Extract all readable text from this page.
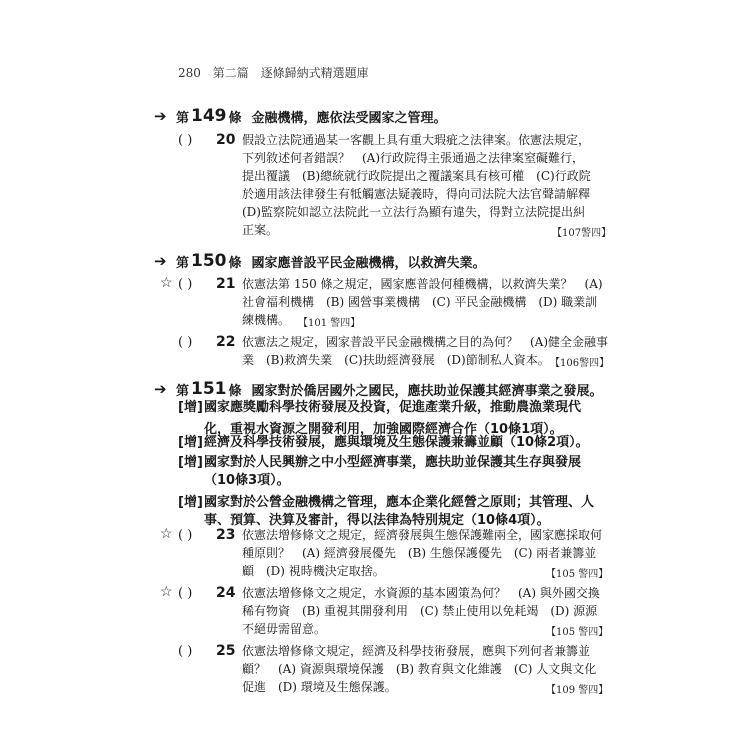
280 第二篇 逐條歸納式精選題庫
➔ 第 149 條 金融機構，應依法受國家之管理。
( ) 20 假設立法院通過某一客觀上具有重大瑕疵之法律案。依憲法規定，
下列敘述何者錯誤？　(A)行政院得主張通過之法律案窒礙難行，
提出覆議　(B)總統就行政院提出之覆議案具有核可權　(C)行政院
於適用該法律發生有牴觸憲法疑義時，得向司法院大法官聲請解釋
(D)監察院如認立法院此一立法行為顯有違失，得對立法院提出糾
正案。	【107警四】
➔ 第 150 條 國家應普設平民金融機構，以救濟失業。
☆ ( ) 21 依憲法第 150 條之規定，國家應普設何種機構，以救濟失業？　(A)
社會福利機構　(B) 國營事業機構　(C) 平民金融機構　(D) 職業訓
練機構。 【101 警四】
( ) 22 依憲法之規定，國家普設平民金融機構之目的為何？　(A)健全金融事
業　(B)救濟失業　(C)扶助經濟發展　(D)節制私人資本。 【106警四】
➔ 第 151 條 國家對於僑居國外之國民，應扶助並保護其經濟事業之發展。
[增] 國家應獎勵科學技術發展及投資，促進產業升級，推動農漁業現代
化，重視水資源之開發利用，加強國際經濟合作（10條1項）。
[增] 經濟及科學技術發展，應與環境及生態保護兼籌並顧（10條2項）。
[增] 國家對於人民興辦之中小型經濟事業，應扶助並保護其生存與發展
（10條3項）。
[增] 國家對於公營金融機構之管理，應本企業化經營之原則；其管理、人
事、預算、決算及審計，得以法律為特別規定（10條4項）。
☆ ( ) 23 依憲法增修條文之規定，經濟發展與生態保護難兩全，國家應採取何
種原則？　(A) 經濟發展優先　(B) 生態保護優先　(C) 兩者兼籌並
顧　(D) 視時機決定取捨。	【105 警四】
☆ ( ) 24 依憲法增修條文之規定，水資源的基本國策為何？　(A) 與外國交換
稀有物資　(B) 重視其開發利用　(C) 禁止使用以免耗竭　(D) 源源
不絕毋需留意。	【105 警四】
( ) 25 依憲法增修條文規定，經濟及科學技術發展，應與下列何者兼籌並
顧？　(A) 資源與環境保護　(B) 教育與文化維護　(C) 人文與文化
促進　(D) 環境及生態保護。	【109 警四】
